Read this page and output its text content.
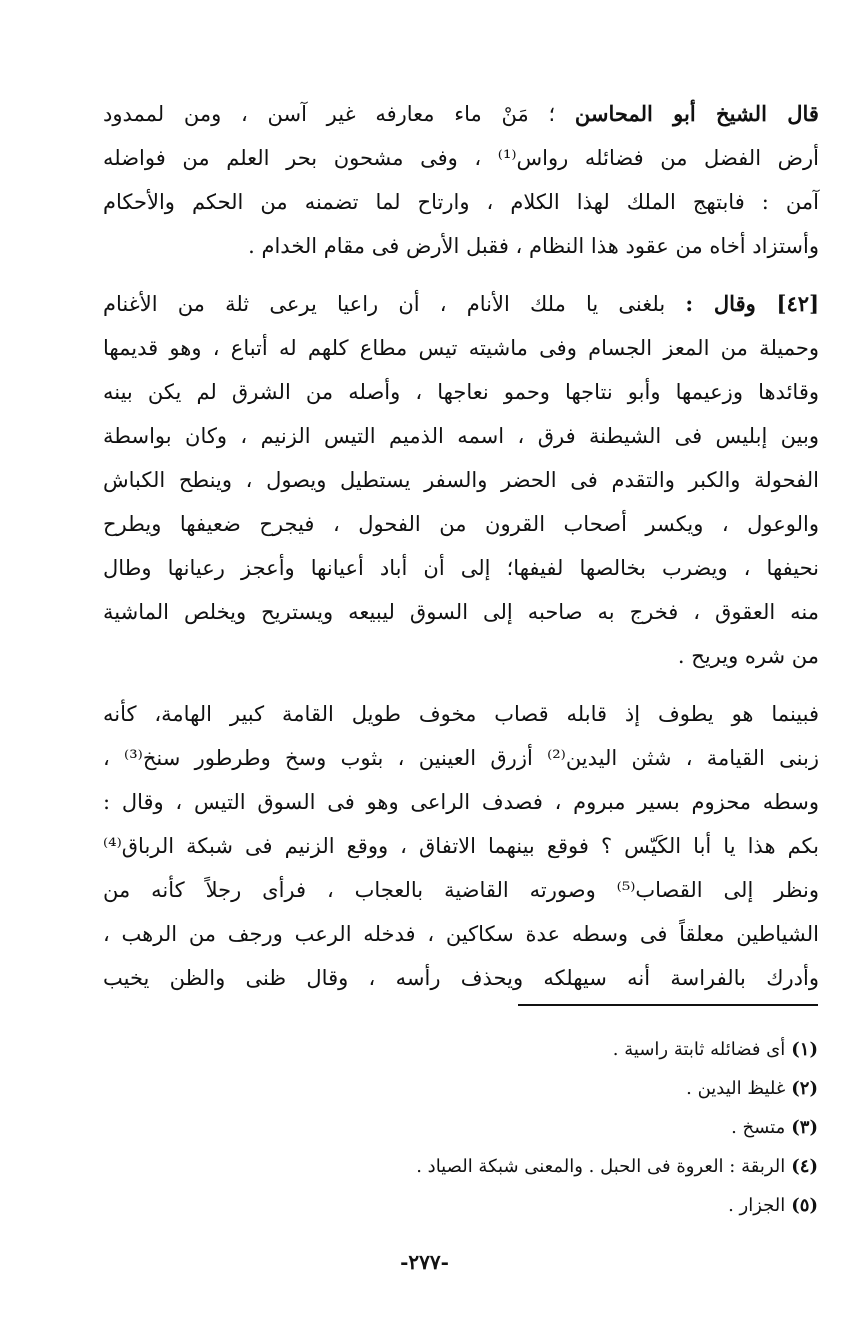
قال الشيخ أبو المحاسن ؛ مَنْ ماء معارفه غير آسن ، ومن لممدود
أرض الفضل من فضائله رواس⁽¹⁾ ، وفى مشحون بحر العلم من فواضله
آمن : فابتهج الملك لهذا الكلام ، وارتاح لما تضمنه من الحكم والأحكام
وأستزاد أخاه من عقود هذا النظام ، فقبل الأرض فى مقام الخدام .

[٤٢] وقال : بلغنى يا ملك الأنام ، أن راعيا يرعى ثلة من الأغنام
وحميلة من المعز الجسام وفى ماشيته تيس مطاع كلهم له أتباع ، وهو قديمها
وقائدها وزعيمها وأبو نتاجها وحمو نعاجها ، وأصله من الشرق لم يكن بينه
وبين إبليس فى الشيطنة فرق ، اسمه الذميم التيس الزنيم ، وكان بواسطة
الفحولة والكبر والتقدم فى الحضر والسفر يستطيل ويصول ، وينطح الكباش
والوعول ، ويكسر أصحاب القرون من الفحول ، فيجرح ضعيفها ويطرح
نحيفها ، ويضرب بخالصها لفيفها؛ إلى أن أباد أعيانها وأعجز رعيانها وطال
منه العقوق ، فخرج به صاحبه إلى السوق ليبيعه ويستريح ويخلص الماشية
من شره ويريح .

فبينما هو يطوف إذ قابله قصاب مخوف طويل القامة كبير الهامة، كأنه
زبنى القيامة ، شثن اليدين⁽²⁾ أزرق العينين ، بثوب وسخ وطرطور سنخ⁽³⁾ ،
وسطه محزوم بسير مبروم ، فصدف الراعى وهو فى السوق التيس ، وقال :
بكم هذا يا أبا الكَيّس ؟ فوقع بينهما الاتفاق ، ووقع الزنيم فى شبكة الرباق⁽⁴⁾
ونظر إلى القصاب⁽⁵⁾ وصورته القاضية بالعجاب ، فرأى رجلاً كأنه من
الشياطين معلقاً فى وسطه عدة سكاكين ، فدخله الرعب ورجف من الرهب ،
وأدرك بالفراسة أنه سيهلكه ويحذف رأسه ، وقال ظنى والظن يخيب

(١)أى فضائله ثابتة راسية .
(٢)غليظ اليدين .
(٣)متسخ .
(٤)الربقة : العروة فى الحبل . والمعنى شبكة الصياد .
(٥)الجزار .
-٢٧٧-
